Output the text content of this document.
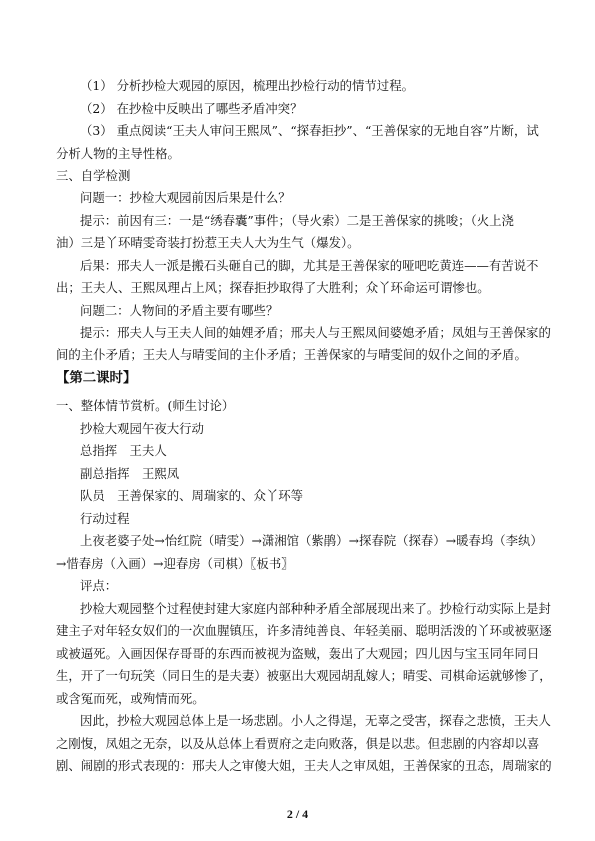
（1） 分析抄检大观园的原因，梳理出抄检行动的情节过程。
（2） 在抄检中反映出了哪些矛盾冲突？
（3） 重点阅读“王夫人审问王熙凤”、“探春拒抄”、“王善保家的无地自容”片断，试
分析人物的主导性格。
三、自学检测
问题一：抄检大观园前因后果是什么？
提示：前因有三：一是“绣春囊”事件；（导火索）二是王善保家的挑唆；（火上浇
油）三是丫环晴雯奇装打扮惹王夫人大为生气（爆发）。
后果：邢夫人一派是搬石头砸自己的脚，尤其是王善保家的哑吧吃黄连——有苦说不
出；王夫人、王熙凤理占上风；探春拒抄取得了大胜利；众丫环命运可谓惨也。
问题二：人物间的矛盾主要有哪些？
提示：邢夫人与王夫人间的妯娌矛盾；邢夫人与王熙凤间婆媳矛盾；凤姐与王善保家的
间的主仆矛盾；王夫人与晴雯间的主仆矛盾；王善保家的与晴雯间的奴仆之间的矛盾。
【第二课时】
一、整体情节赏析。(师生讨论）
抄检大观园午夜大行动
总指挥　王夫人
副总指挥　王熙凤
队员　王善保家的、周瑞家的、众丫环等
行动过程
上夜老婆子处→怡红院（晴雯）→潇湘馆（紫鹃）→探春院（探春）→暖春坞（李纨）
→惜春房（入画）→迎春房（司棋）〖板书〗
评点：
抄检大观园整个过程使封建大家庭内部种种矛盾全部展现出来了。抄检行动实际上是封
建主子对年轻女奴们的一次血腥镇压，许多清纯善良、年轻美丽、聪明活泼的丫环或被驱逐
或被逼死。入画因保存哥哥的东西而被视为盗贼，轰出了大观园；四儿因与宝玉同年同日
生，开了一句玩笑（同日生的是夫妻）被驱出大观园胡乱嫁人；晴雯、司棋命运就够惨了，
或含冤而死，或殉情而死。
因此，抄检大观园总体上是一场悲剧。小人之得逞，无辜之受害，探春之悲愤，王夫人
之刚愎，凤姐之无奈，以及从总体上看贾府之走向败落，俱是以悲。但悲剧的内容却以喜
剧、闹剧的形式表现的：邢夫人之审傻大姐，王夫人之审凤姐，王善保家的丑态，周瑞家的
2 / 4
